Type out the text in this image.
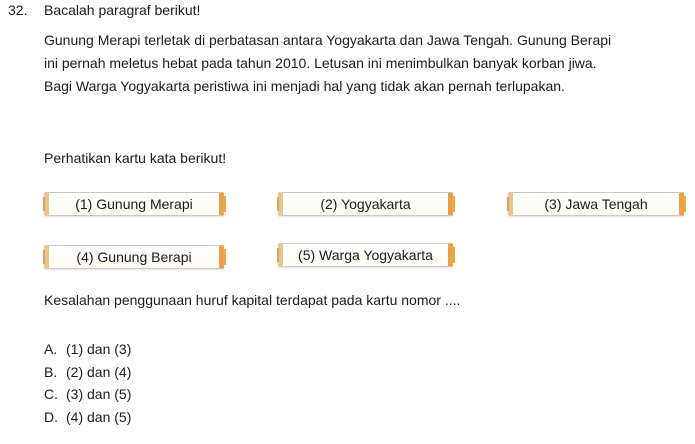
32. Bacalah paragraf berikut!
Gunung Merapi terletak di perbatasan antara Yogyakarta dan Jawa Tengah. Gunung Berapi
ini pernah meletus hebat pada tahun 2010. Letusan ini menimbulkan banyak korban jiwa.
Bagi Warga Yogyakarta peristiwa ini menjadi hal yang tidak akan pernah terlupakan.
Perhatikan kartu kata berikut!
(1) Gunung Merapi	(2) Yogyakarta	(3) Jawa Tengah
(4) Gunung Berapi	(5) Warga Yogyakarta
Kesalahan penggunaan huruf kapital terdapat pada kartu nomor ....
A. (1) dan (3)
B. (2) dan (4)
C. (3) dan (5)
D. (4) dan (5)
